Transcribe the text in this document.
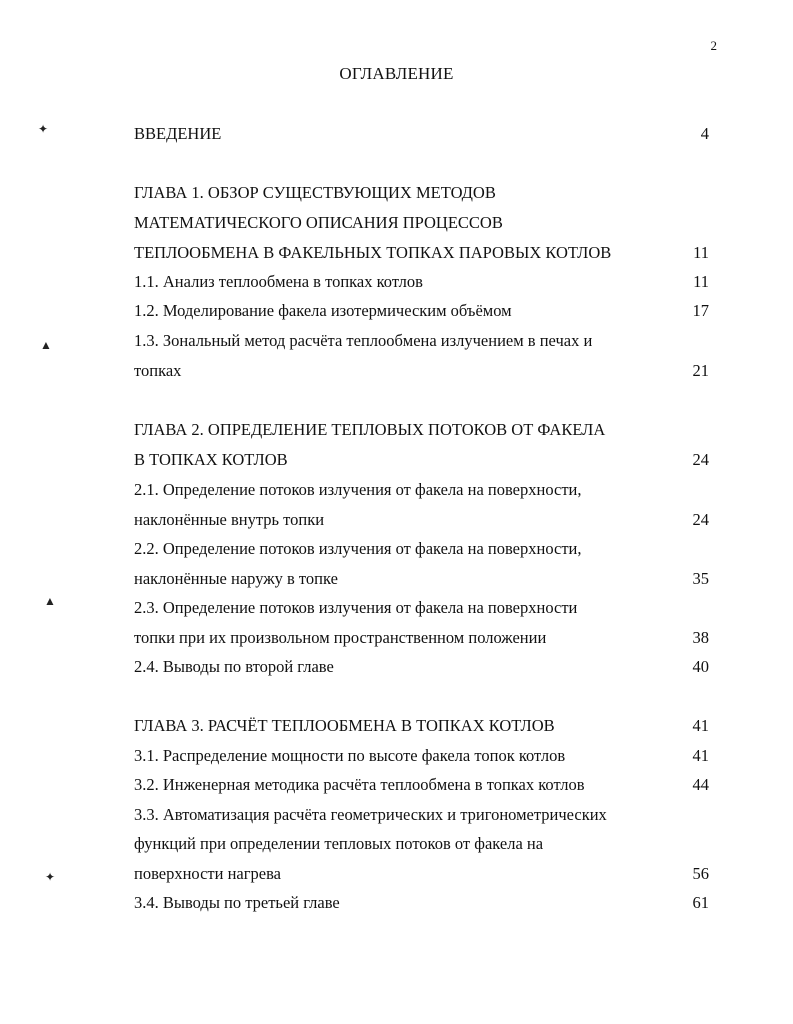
2
ОГЛАВЛЕНИЕ
ВВЕДЕНИЕ	4
ГЛАВА 1. ОБЗОР СУЩЕСТВУЮЩИХ МЕТОДОВ
МАТЕМАТИЧЕСКОГО ОПИСАНИЯ ПРОЦЕССОВ
ТЕПЛООБМЕНА В ФАКЕЛЬНЫХ ТОПКАХ ПАРОВЫХ КОТЛОВ	11
1.1. Анализ теплообмена в топках котлов	11
1.2. Моделирование факела изотермическим объёмом	17
1.3. Зональный метод расчёта теплообмена излучением в печах и
топках	21
ГЛАВА 2. ОПРЕДЕЛЕНИЕ ТЕПЛОВЫХ ПОТОКОВ ОТ ФАКЕЛА
В ТОПКАХ КОТЛОВ	24
2.1. Определение потоков излучения от факела на поверхности,
наклонённые внутрь топки	24
2.2. Определение потоков излучения от факела на поверхности,
наклонённые наружу в топке	35
2.3. Определение потоков излучения от факела на поверхности
топки при их произвольном пространственном положении	38
2.4. Выводы по второй главе	40
ГЛАВА 3. РАСЧЁТ ТЕПЛООБМЕНА В ТОПКАХ КОТЛОВ	41
3.1. Распределение мощности по высоте факела топок котлов	41
3.2. Инженерная методика расчёта теплообмена в топках котлов	44
3.3. Автоматизация расчёта геометрических и тригонометрических
функций при определении тепловых потоков от факела на
поверхности нагрева	56
3.4. Выводы по третьей главе	61
✦
▲
▲
✦
